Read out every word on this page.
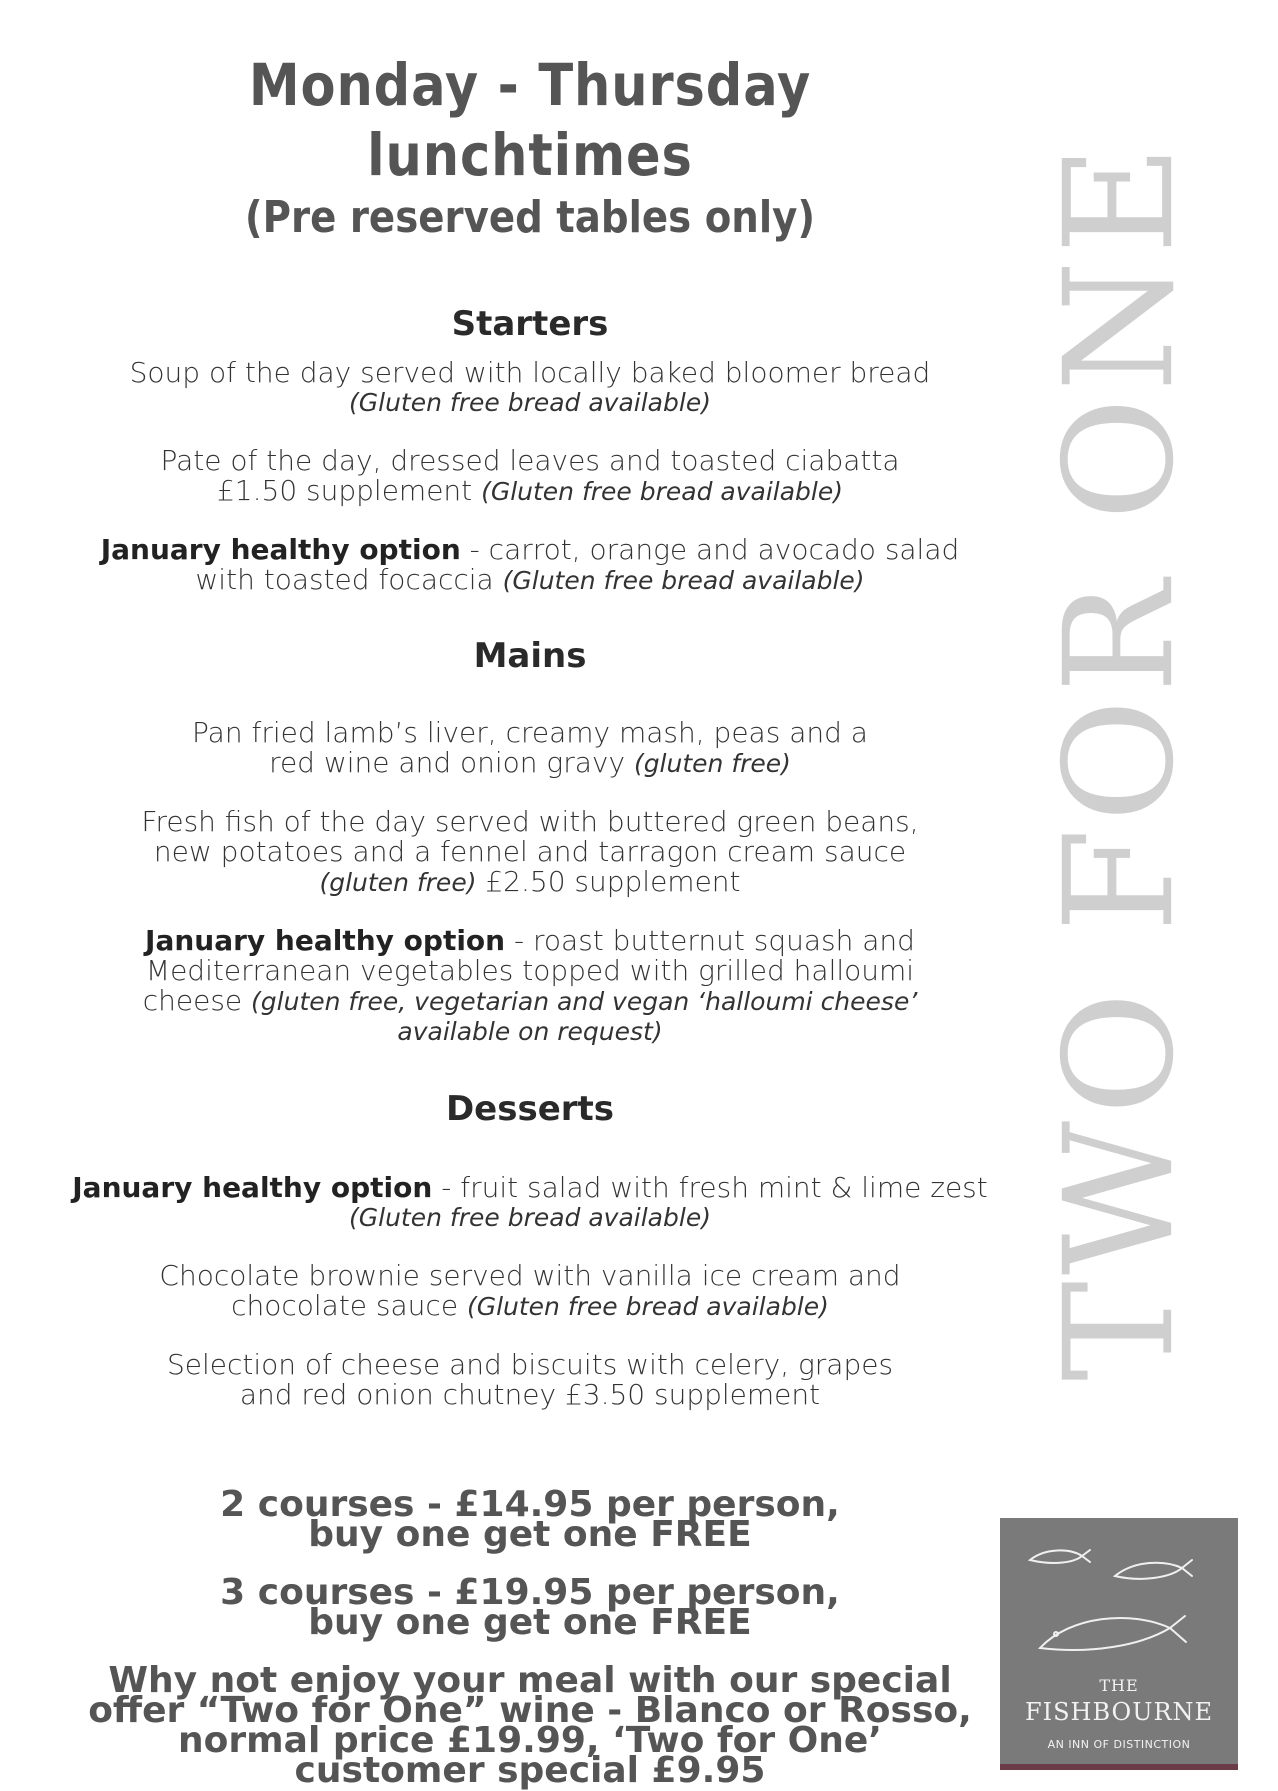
Monday - Thursday lunchtimes

(Pre reserved tables only)

Starters

Soup of the day served with locally baked bloomer bread
(Gluten free bread available)

Pate of the day, dressed leaves and toasted ciabatta
£1.50 supplement (Gluten free bread available)

January healthy option - carrot, orange and avocado salad
with toasted focaccia (Gluten free bread available)

Mains

Pan fried lamb’s liver, creamy mash, peas and a
red wine and onion gravy (gluten free)

Fresh fish of the day served with buttered green beans,
new potatoes and a fennel and tarragon cream sauce
(gluten free) £2.50 supplement

January healthy option - roast butternut squash and
Mediterranean vegetables topped with grilled halloumi
cheese (gluten free, vegetarian and vegan ‘halloumi cheese’
available on request)

Desserts

January healthy option - fruit salad with fresh mint & lime zest
(Gluten free bread available)

Chocolate brownie served with vanilla ice cream and
chocolate sauce (Gluten free bread available)

Selection of cheese and biscuits with celery, grapes
and red onion chutney £3.50 supplement

2 courses - £14.95 per person,
buy one get one FREE

3 courses - £19.95 per person,
buy one get one FREE

Why not enjoy your meal with our special
offer “Two for One” wine - Blanco or Rosso,
normal price £19.99, ‘Two for One’
customer special £9.95

TWO FOR ONE
THE
FISHBOURNE
AN INN OF DISTINCTION
